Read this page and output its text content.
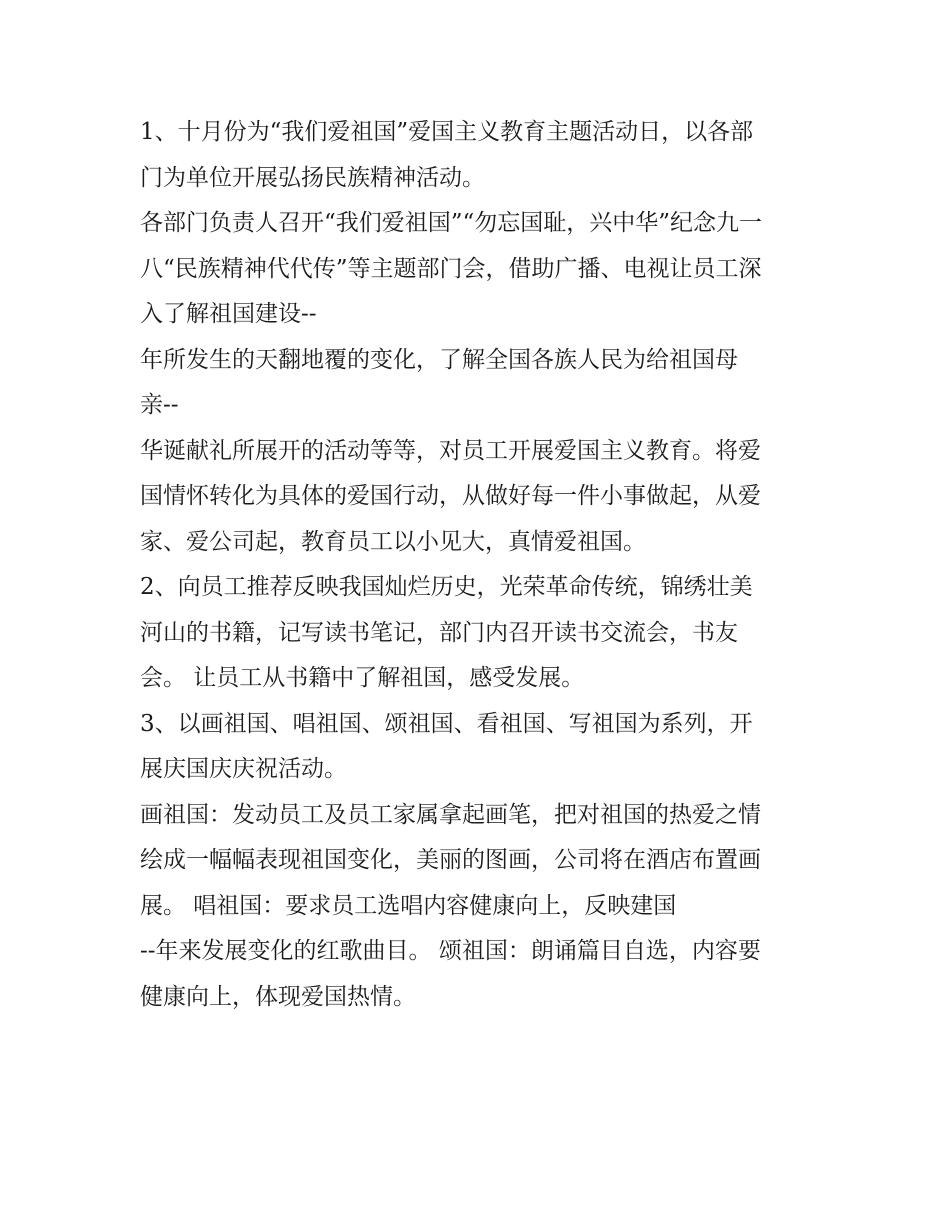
1、十月份为“我们爱祖国”爱国主义教育主题活动日，以各部
门为单位开展弘扬民族精神活动。
各部门负责人召开“我们爱祖国”“勿忘国耻，兴中华”纪念九一
八“民族精神代代传”等主题部门会，借助广播、电视让员工深
入了解祖国建设--
年所发生的天翻地覆的变化，了解全国各族人民为给祖国母
亲--
华诞献礼所展开的活动等等，对员工开展爱国主义教育。将爱
国情怀转化为具体的爱国行动，从做好每一件小事做起，从爱
家、爱公司起，教育员工以小见大，真情爱祖国。
2、向员工推荐反映我国灿烂历史，光荣革命传统，锦绣壮美
河山的书籍，记写读书笔记，部门内召开读书交流会，书友
会。 让员工从书籍中了解祖国，感受发展。
3、以画祖国、唱祖国、颂祖国、看祖国、写祖国为系列，开
展庆国庆庆祝活动。
画祖国：发动员工及员工家属拿起画笔，把对祖国的热爱之情
绘成一幅幅表现祖国变化，美丽的图画，公司将在酒店布置画
展。 唱祖国：要求员工选唱内容健康向上，反映建国
--年来发展变化的红歌曲目。 颂祖国：朗诵篇目自选，内容要
健康向上，体现爱国热情。
